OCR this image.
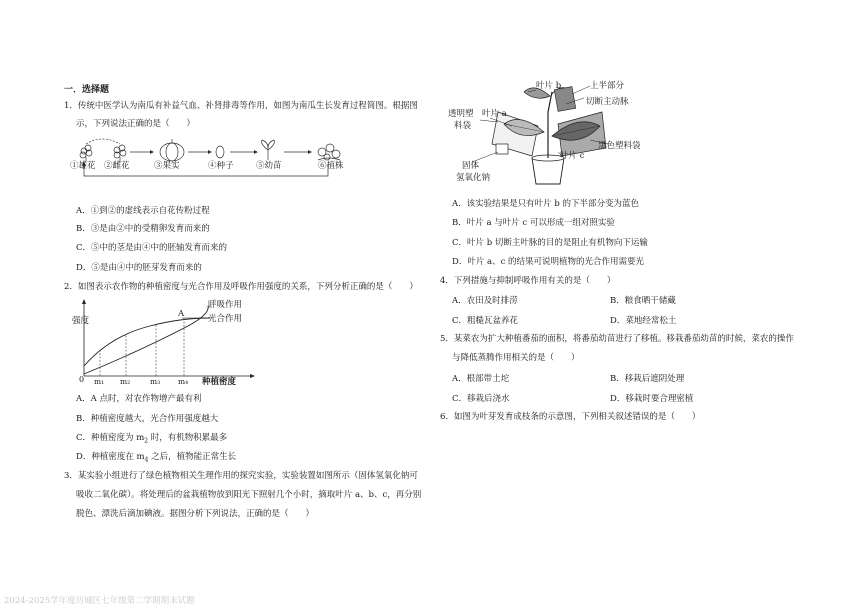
一．选择题
1．传统中医学认为南瓜有补益气血、补肾排毒等作用，如图为南瓜生长发育过程简图。根据图
示，下列说法正确的是（　　）
①雄花 ②雌花	③果实	④种子	⑤幼苗	⑥植株
A．①到②的虚线表示自花传粉过程
B．③是由②中的受精卵发育而来的
C．⑤中的茎是由④中的胚轴发育而来的
D．⑤是由④中的胚芽发育而来的
2．如图表示农作物的种植密度与光合作用及呼吸作用强度的关系，下列分析正确的是（　　）
强度
呼吸作用
光合作用
A
0 m₁ m₂	m₃ m₄ 种植密度
A．A 点时，对农作物增产最有利
B．种植密度越大，光合作用强度越大
C．种植密度为 $m_2$ 时，有机物积累最多
D．种植密度在 $m_4$ 之后，植物能正常生长
3．某实验小组进行了绿色植物相关生理作用的探究实验，实验装置如图所示（固体氢氧化钠可
吸收二氧化碳）。将处理后的盆栽植物放到阳光下照射几个小时，摘取叶片 a、b、c，再分别
脱色、漂洗后滴加碘液。据图分析下列说法，正确的是（　　）
叶片 b	上半部分
切断主动脉
透明塑
料袋
叶片 a
黑色塑料袋
叶片 c
固体
氢氧化钠
A．该实验结果是只有叶片 b 的下半部分变为蓝色
B．叶片 a 与叶片 c 可以形成一组对照实验
C．叶片 b 切断主叶脉的目的是阻止有机物向下运输
D．叶片 a、c 的结果可说明植物的光合作用需要光
4．下列措施与抑制呼吸作用有关的是（　　）
A．农田及时排涝	B．粮食晒干储藏
C．粗糙瓦盆养花	D．菜地经常松土
5．某菜农为扩大种植番茄的面积，将番茄幼苗进行了移植。移栽番茄幼苗的时候，菜农的操作
与降低蒸腾作用相关的是（　　）
A．根部带土坨	B．移栽后遮阴处理
C．移栽后浇水	D．移栽时要合理密植
6．如图为叶芽发育成枝条的示意图，下列相关叙述错误的是（　　）
2024-2025学年度历城区七年级第二学期期末试题
